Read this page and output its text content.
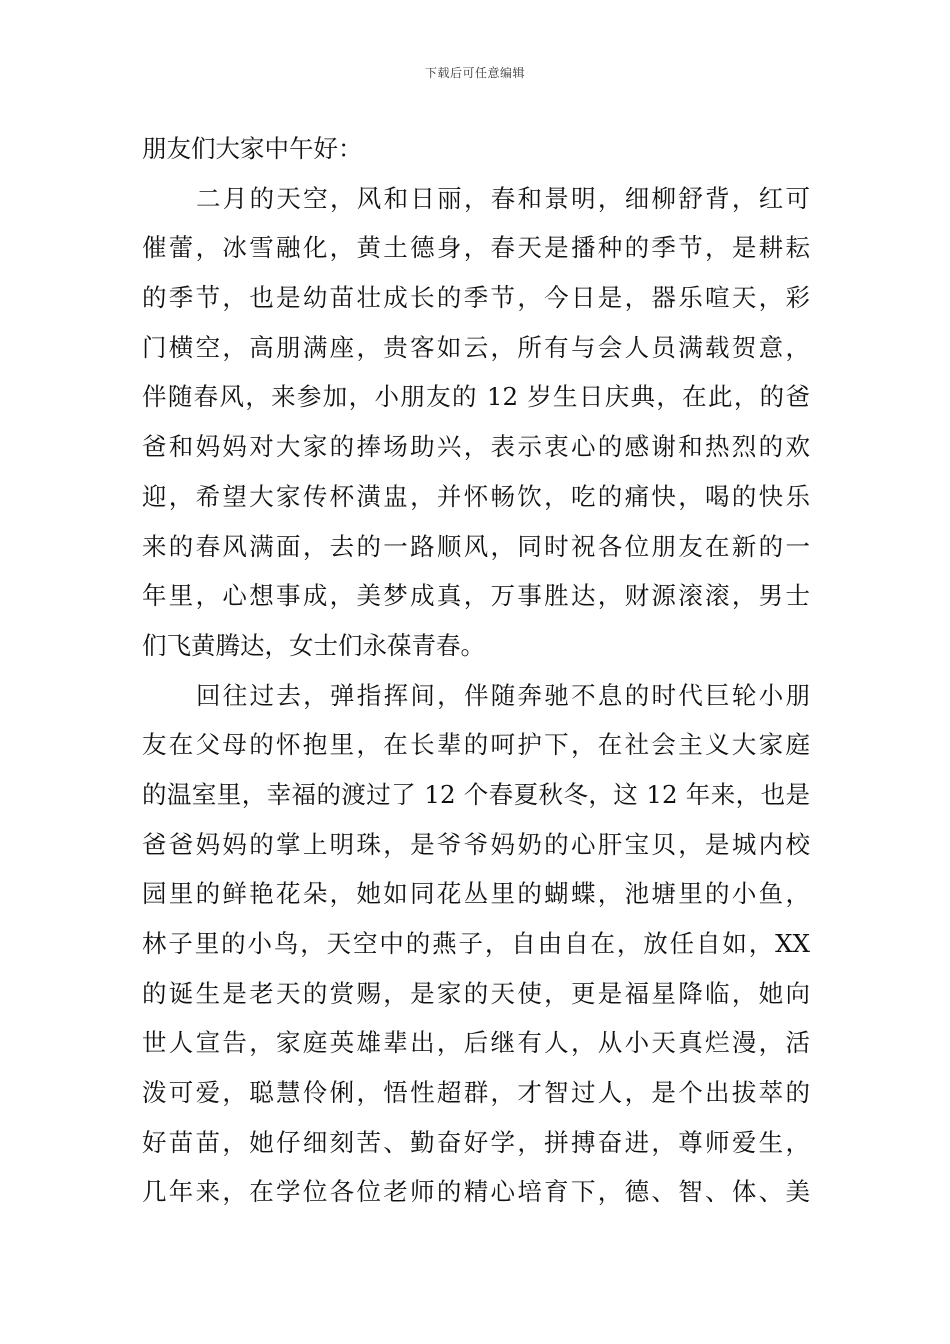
下载后可任意编辑
朋友们大家中午好：
二月的天空，风和日丽，春和景明，细柳舒背，红可
催蕾，冰雪融化，黄土德身，春天是播种的季节，是耕耘
的季节，也是幼苗壮成长的季节，今日是，器乐喧天，彩
门横空，高朋满座，贵客如云，所有与会人员满载贺意，
伴随春风，来参加，小朋友的 12 岁生日庆典，在此，的爸
爸和妈妈对大家的捧场助兴，表示衷心的感谢和热烈的欢
迎，希望大家传杯潢盅，并怀畅饮，吃的痛快，喝的快乐
来的春风满面，去的一路顺风，同时祝各位朋友在新的一
年里，心想事成，美梦成真，万事胜达，财源滚滚，男士
们飞黄腾达，女士们永葆青春。
回往过去，弹指挥间，伴随奔驰不息的时代巨轮小朋
友在父母的怀抱里，在长辈的呵护下，在社会主义大家庭
的温室里，幸福的渡过了 12 个春夏秋冬，这 12 年来，也是
爸爸妈妈的掌上明珠，是爷爷妈奶的心肝宝贝，是城内校
园里的鲜艳花朵，她如同花丛里的蝴蝶，池塘里的小鱼，
林子里的小鸟，天空中的燕子，自由自在，放任自如，XX
的诞生是老天的赏赐，是家的天使，更是福星降临，她向
世人宣告，家庭英雄辈出，后继有人，从小天真烂漫，活
泼可爱，聪慧伶俐，悟性超群，才智过人，是个出拔萃的
好苗苗，她仔细刻苦、勤奋好学，拼搏奋进，尊师爱生，
几年来，在学位各位老师的精心培育下，德、智、体、美
